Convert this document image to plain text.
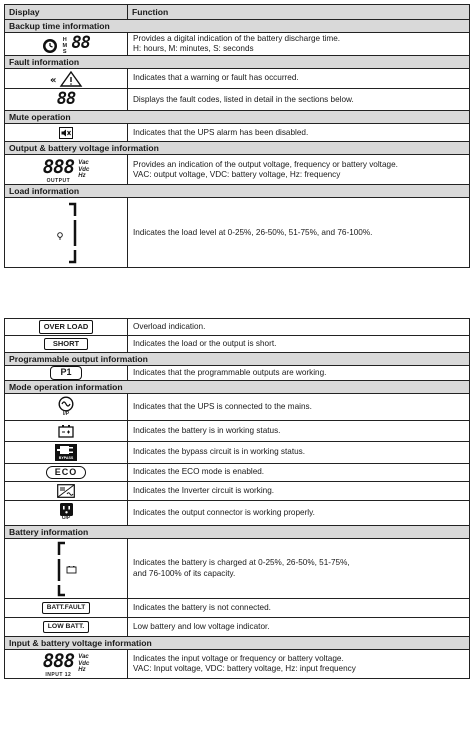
Display	Function
Backup time information	
H
M
S 88	Provides a digital indication of the battery discharge time.
H: hours, M: minutes, S: seconds
Fault information	

«	Indicates that a warning or fault has occurred.
88	Displays the fault codes, listed in detail in the sections below.
Mute operation	
	Indicates that the UPS alarm has been disabled.
Output & battery voltage information	
888
OUTPUT
Vac
Vdc
Hz	Provides an indication of the output voltage, frequency or battery voltage.
VAC: output voltage, VDC: battery voltage, Hz: frequency
Load information	
	Indicates the load level at 0-25%, 26-50%, 51-75%, and 76-100%.
OVER LOAD	Overload indication.
SHORT	Indicates the load or the output is short.
Programmable output information	
P1	Indicates that the programmable outputs are working.
Mode operation information	

I/P	Indicates that the UPS is connected to the mains.
	Indicates the battery is in working status.

BYPASS	Indicates the bypass circuit is in working status.
ECO	Indicates the ECO mode is enabled.
	Indicates the Inverter circuit is working.

O/P	Indicates the output connector is working properly.
Battery information	
	Indicates the battery is charged at 0-25%, 26-50%, 51-75%,
and 76-100% of its capacity.
BATT.FAULT	Indicates the battery is not connected.
LOW BATT.	Low battery and low voltage indicator.
Input & battery voltage information	
888
INPUT 12
Vac
Vdc
Hz	Indicates the input voltage or frequency or battery voltage.
VAC: Input voltage, VDC: battery voltage, Hz: input frequency
